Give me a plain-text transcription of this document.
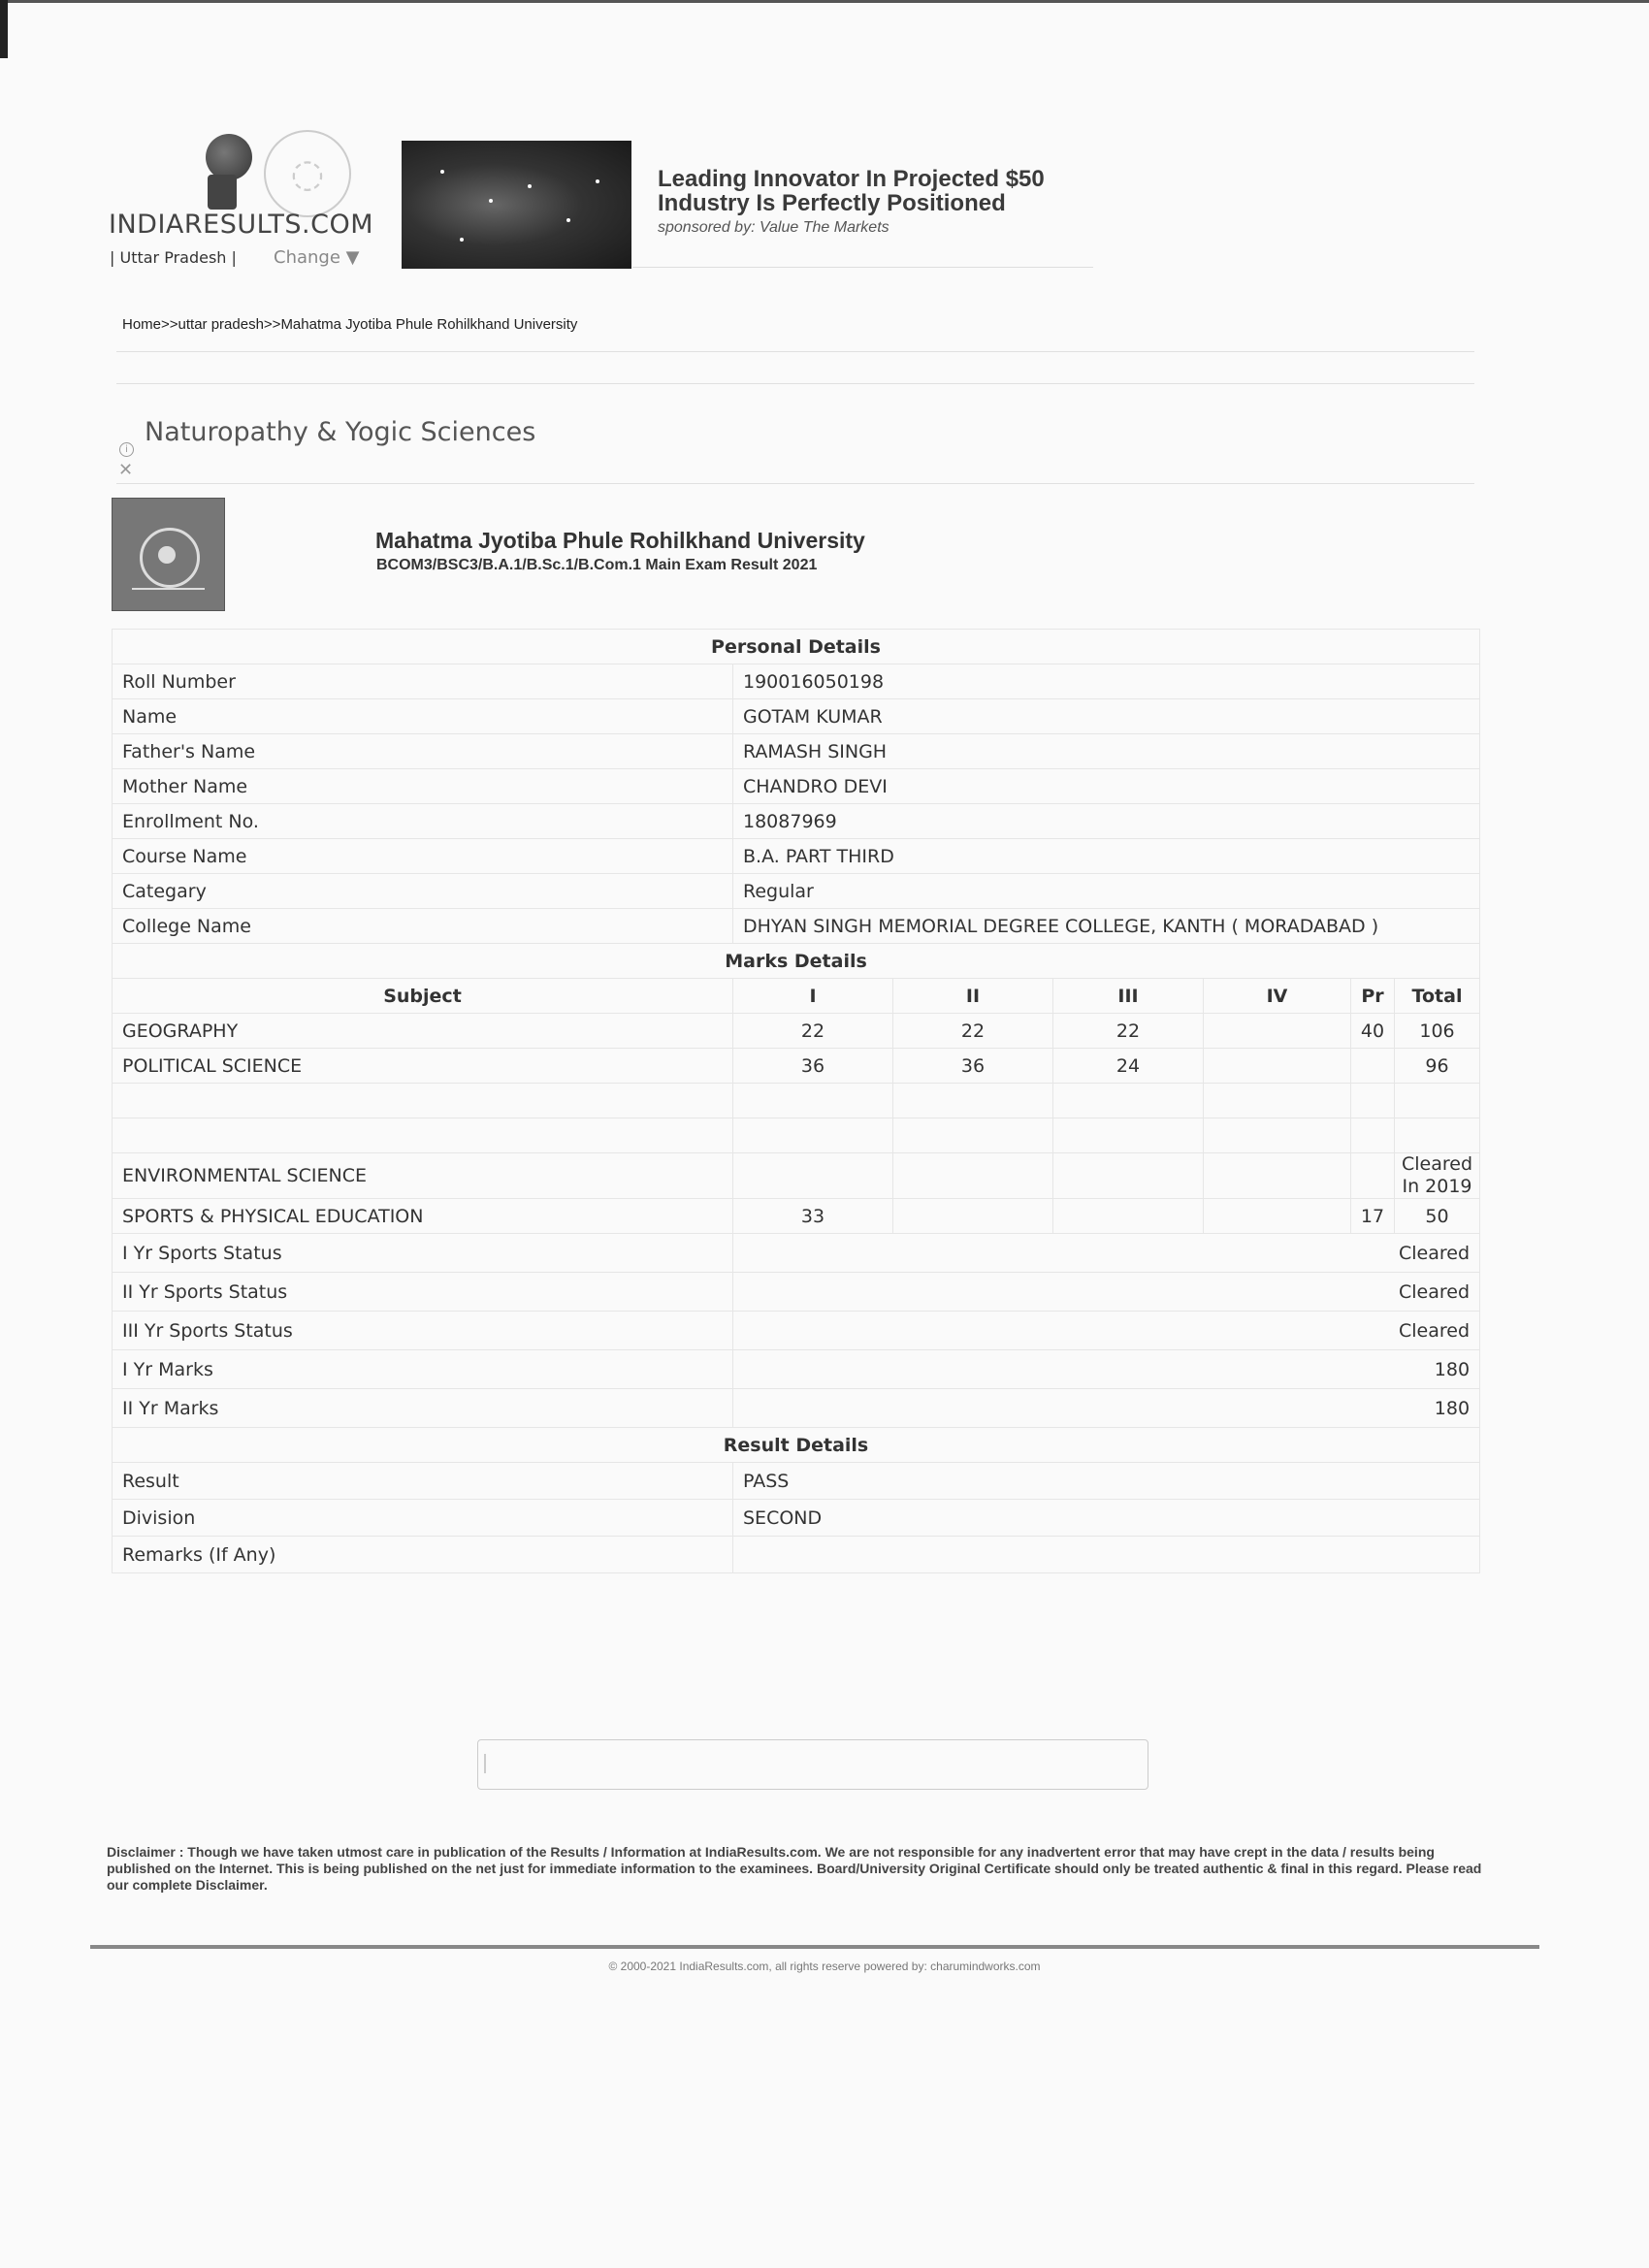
◌
INDIARESULTS.COM
| Uttar Pradesh | Change ▼
Leading Innovator In Projected $50
Industry Is Perfectly Positioned
sponsored by: Value The Markets
Home>>uttar pradesh>>Mahatma Jyotiba Phule Rohilkhand University
i
✕
Naturopathy & Yogic Sciences
Mahatma Jyotiba Phule Rohilkhand University
BCOM3/BSC3/B.A.1/B.Sc.1/B.Com.1 Main Exam Result 2021
Personal Details						
Roll Number	190016050198					
Name	GOTAM KUMAR					
Father's Name	RAMASH SINGH					
Mother Name	CHANDRO DEVI					
Enrollment No.	18087969					
Course Name	B.A. PART THIRD					
Categary	Regular					
College Name	DHYAN SINGH MEMORIAL DEGREE COLLEGE, KANTH ( MORADABAD )					
Marks Details						
Subject	I	II	III	IV	Pr	Total
GEOGRAPHY	22	22	22		40	106
POLITICAL SCIENCE	36	36	24			96

ENVIRONMENTAL SCIENCE						Cleared In 2019
SPORTS & PHYSICAL EDUCATION	33				17	50
I Yr Sports Status	Cleared					
II Yr Sports Status	Cleared					
III Yr Sports Status	Cleared					
I Yr Marks	180					
II Yr Marks	180					
Result Details						
Result	PASS					
Division	SECOND					
Remarks (If Any)						
Disclaimer : Though we have taken utmost care in publication of the Results / Information at IndiaResults.com. We are not responsible for any inadvertent error that may have crept in the data / results being published on the Internet. This is being published on the net just for immediate information to the examinees. Board/University Original Certificate should only be treated authentic & final in this regard. Please read our complete Disclaimer.
© 2000-2021 IndiaResults.com, all rights reserve powered by: charumindworks.com
